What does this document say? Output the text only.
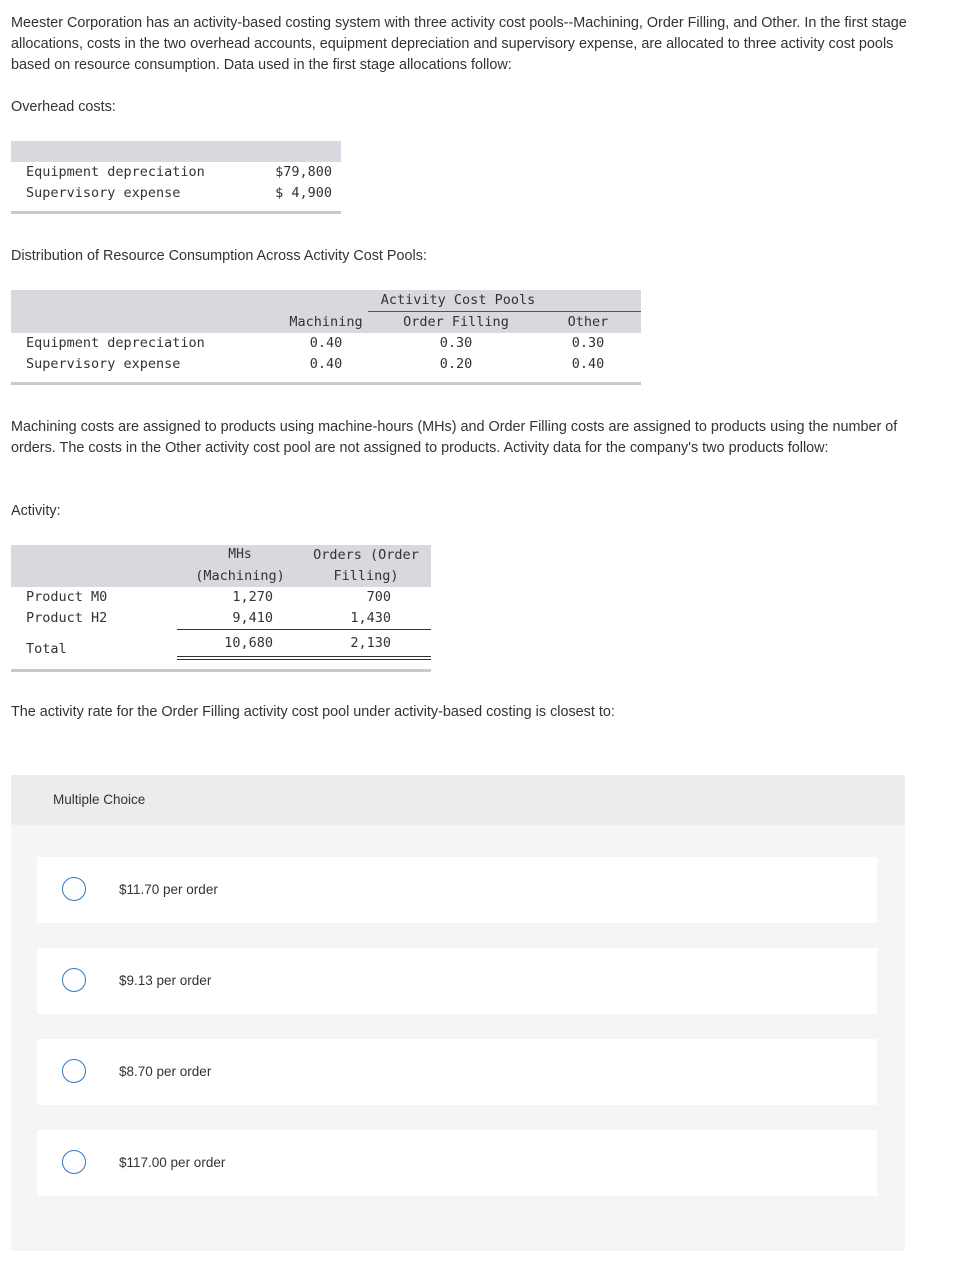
Meester Corporation has an activity-based costing system with three activity cost pools--Machining, Order Filling, and Other. In the first stage allocations, costs in the two overhead accounts, equipment depreciation and supervisory expense, are allocated to three activity cost pools based on resource consumption. Data used in the first stage allocations follow:

Overhead costs:

Equipment depreciation	$79,800
Supervisory expense	$ 4,900

Distribution of Resource Consumption Across Activity Cost Pools:

Activity Cost Pools
Machining	Order Filling	Other
Equipment depreciation	0.40	0.30	0.30
Supervisory expense	0.40	0.20	0.40

Machining costs are assigned to products using machine-hours (MHs) and Order Filling costs are assigned to products using the number of orders. The costs in the Other activity cost pool are not assigned to products. Activity data for the company's two products follow:

Activity:

MHs
(Machining)
Orders (Order
Filling)
Product M0	1,270	700
Product H2	9,410	1,430
Total	10,680	2,130

The activity rate for the Order Filling activity cost pool under activity-based costing is closest to:

Multiple Choice
$11.70 per order
$9.13 per order
$8.70 per order
$117.00 per order
